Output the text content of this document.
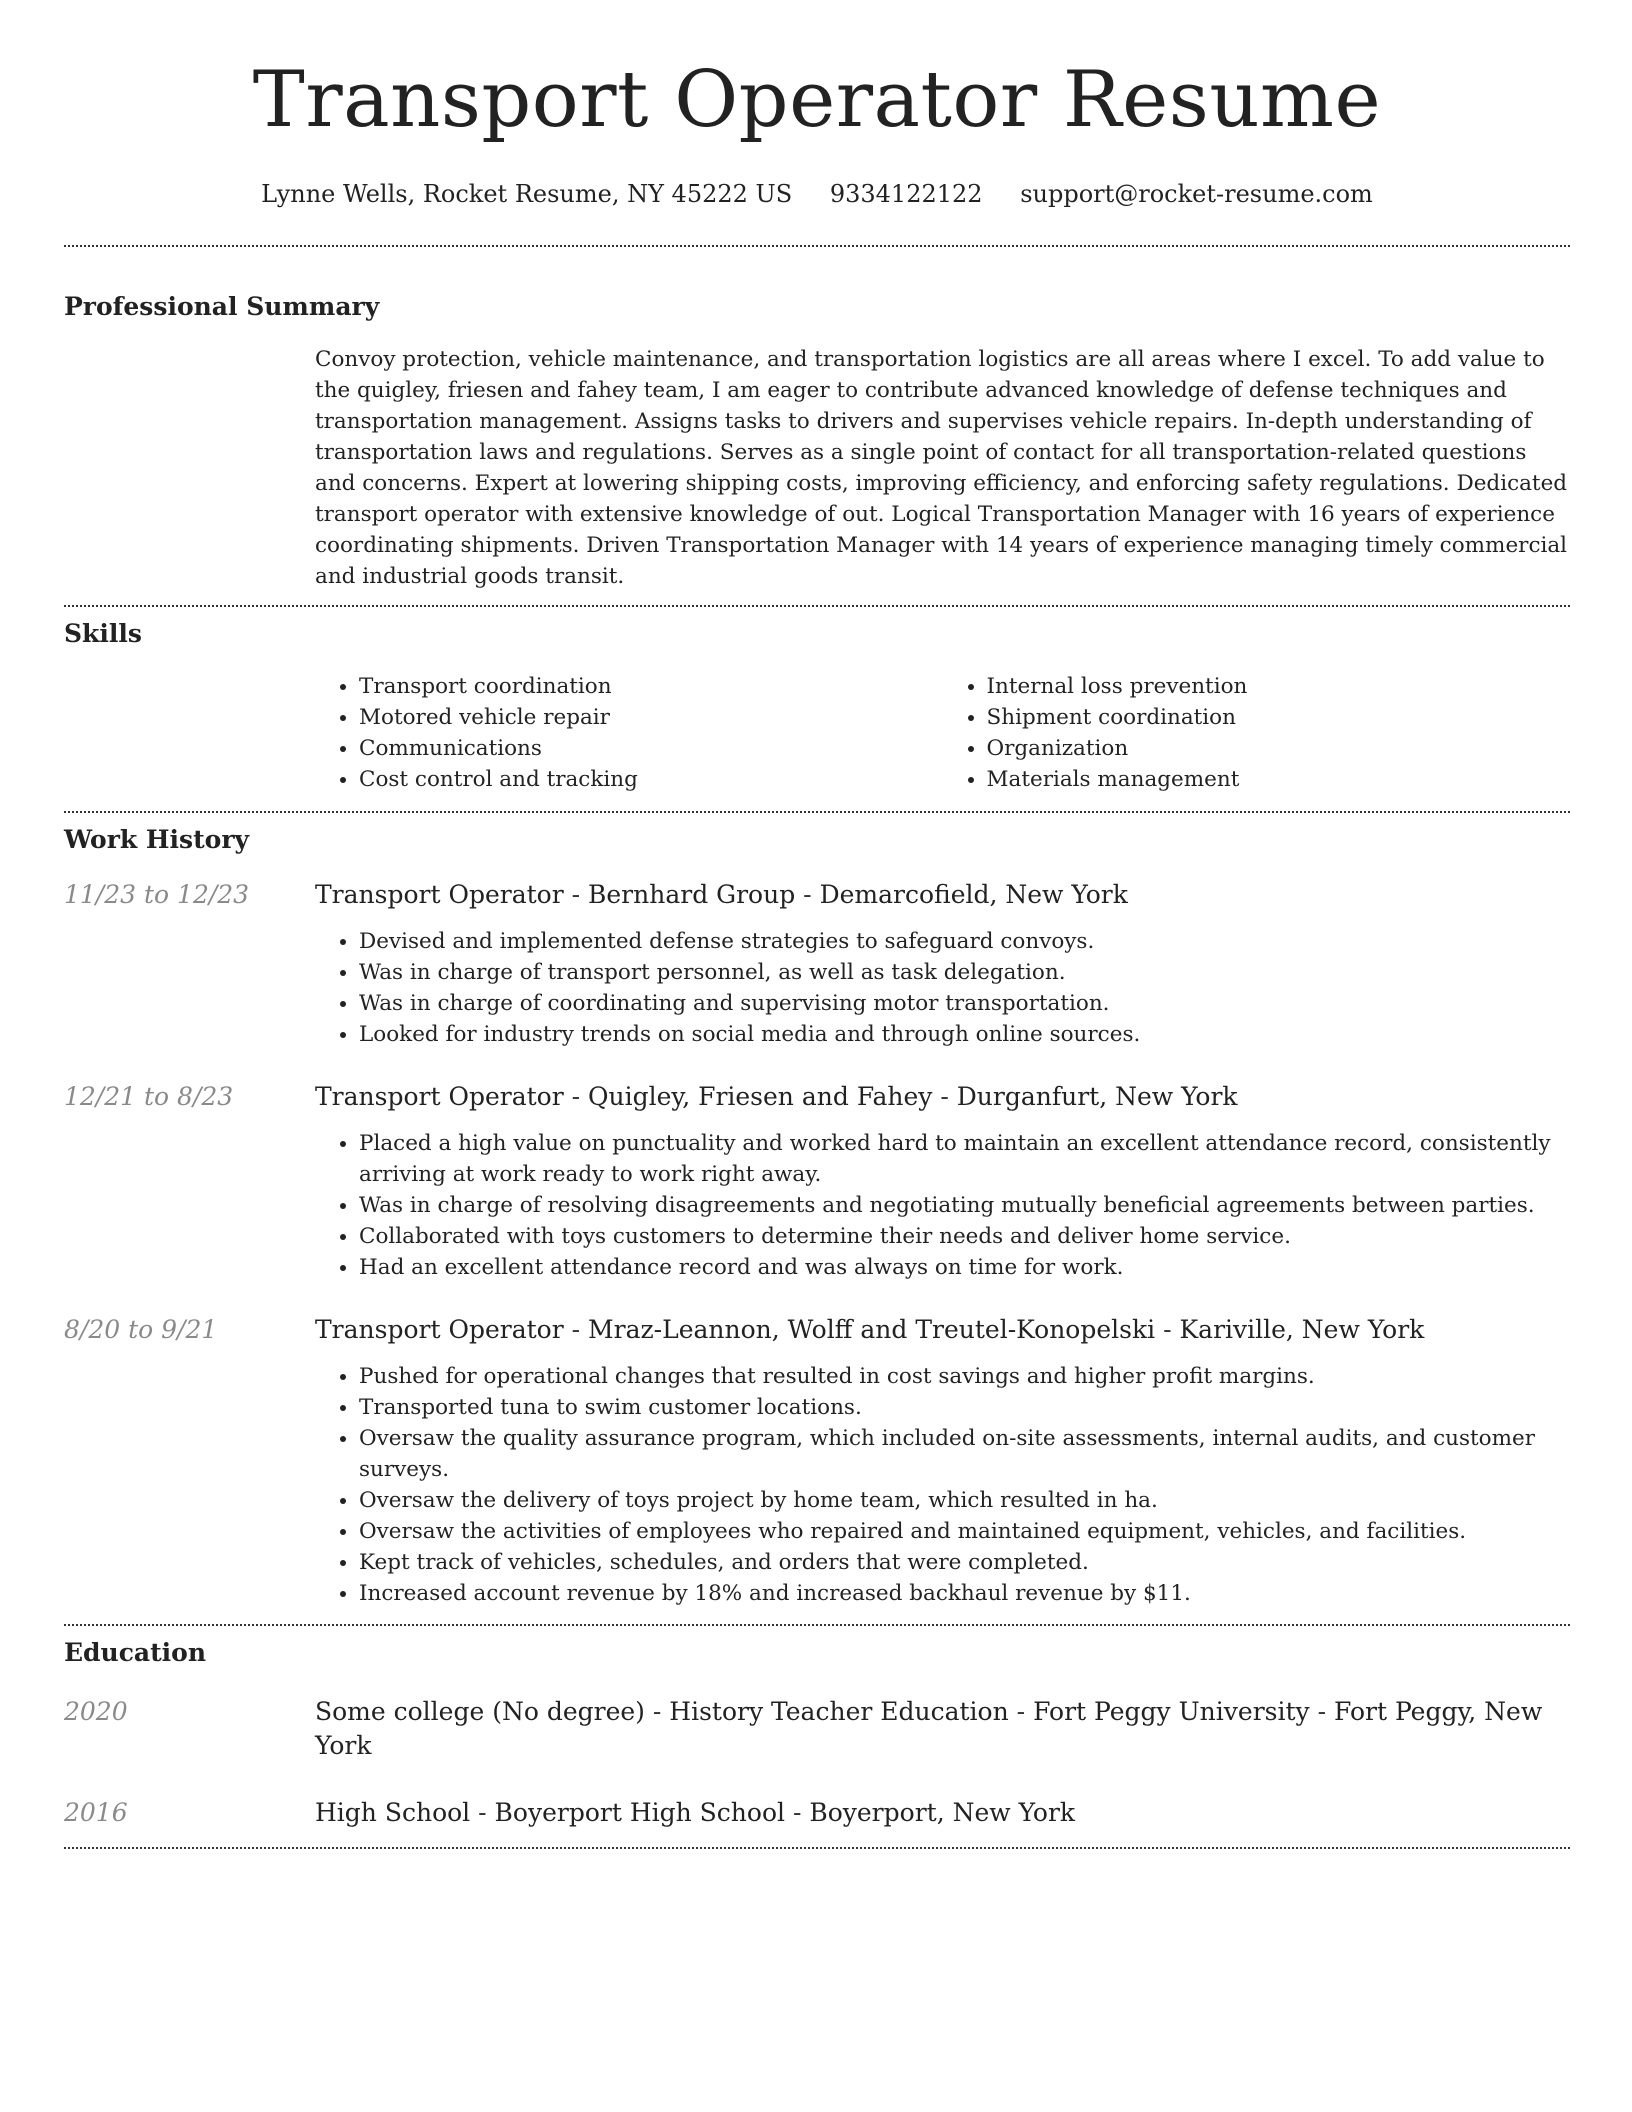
Transport Operator Resume
Lynne Wells, Rocket Resume, NY 45222 US 9334122122 support@rocket-resume.com
Professional Summary

Convoy protection, vehicle maintenance, and transportation logistics are all areas where I excel. To add value to the quigley, friesen and fahey team, I am eager to contribute advanced knowledge of defense techniques and transportation management. Assigns tasks to drivers and supervises vehicle repairs. In-depth understanding of transportation laws and regulations. Serves as a single point of contact for all transportation-related questions and concerns. Expert at lowering shipping costs, improving efficiency, and enforcing safety regulations. Dedicated transport operator with extensive knowledge of out. Logical Transportation Manager with 16 years of experience coordinating shipments. Driven Transportation Manager with 14 years of experience managing timely commercial and industrial goods transit.

Skills
• Transport coordination
• Motored vehicle repair
• Communications
• Cost control and tracking
• Internal loss prevention
• Shipment coordination
• Organization
• Materials management
Work History
11/23 to 12/23	Transport Operator - Bernhard Group - Demarcofield, New York
• Devised and implemented defense strategies to safeguard convoys.
• Was in charge of transport personnel, as well as task delegation.
• Was in charge of coordinating and supervising motor transportation.
• Looked for industry trends on social media and through online sources.
12/21 to 8/23	Transport Operator - Quigley, Friesen and Fahey - Durganfurt, New York
• Placed a high value on punctuality and worked hard to maintain an excellent attendance record, consistently arriving at work ready to work right away.
• Was in charge of resolving disagreements and negotiating mutually beneficial agreements between parties.
• Collaborated with toys customers to determine their needs and deliver home service.
• Had an excellent attendance record and was always on time for work.
8/20 to 9/21	Transport Operator - Mraz-Leannon, Wolff and Treutel-Konopelski - Kariville, New York
• Pushed for operational changes that resulted in cost savings and higher profit margins.
• Transported tuna to swim customer locations.
• Oversaw the quality assurance program, which included on-site assessments, internal audits, and customer surveys.
• Oversaw the delivery of toys project by home team, which resulted in ha.
• Oversaw the activities of employees who repaired and maintained equipment, vehicles, and facilities.
• Kept track of vehicles, schedules, and orders that were completed.
• Increased account revenue by 18% and increased backhaul revenue by $11.
Education
2020	Some college (No degree) - History Teacher Education - Fort Peggy University - Fort Peggy, New York
2016	High School - Boyerport High School - Boyerport, New York
